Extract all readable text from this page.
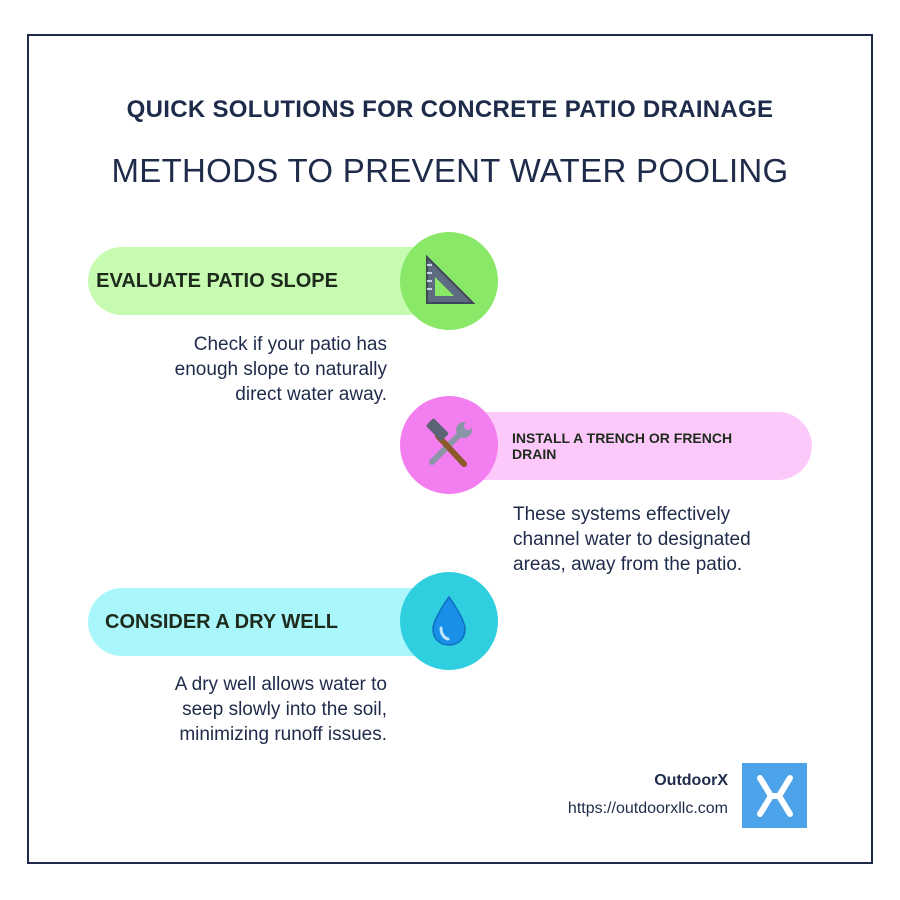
QUICK SOLUTIONS FOR CONCRETE PATIO DRAINAGE
METHODS TO PREVENT WATER POOLING
EVALUATE PATIO SLOPE

Check if your patio has
enough slope to naturally
direct water away.

INSTALL A TRENCH OR FRENCH DRAIN

These systems effectively
channel water to designated
areas, away from the patio.

CONSIDER A DRY WELL

A dry well allows water to
seep slowly into the soil,
minimizing runoff issues.

OutdoorX
https://outdoorxllc.com
